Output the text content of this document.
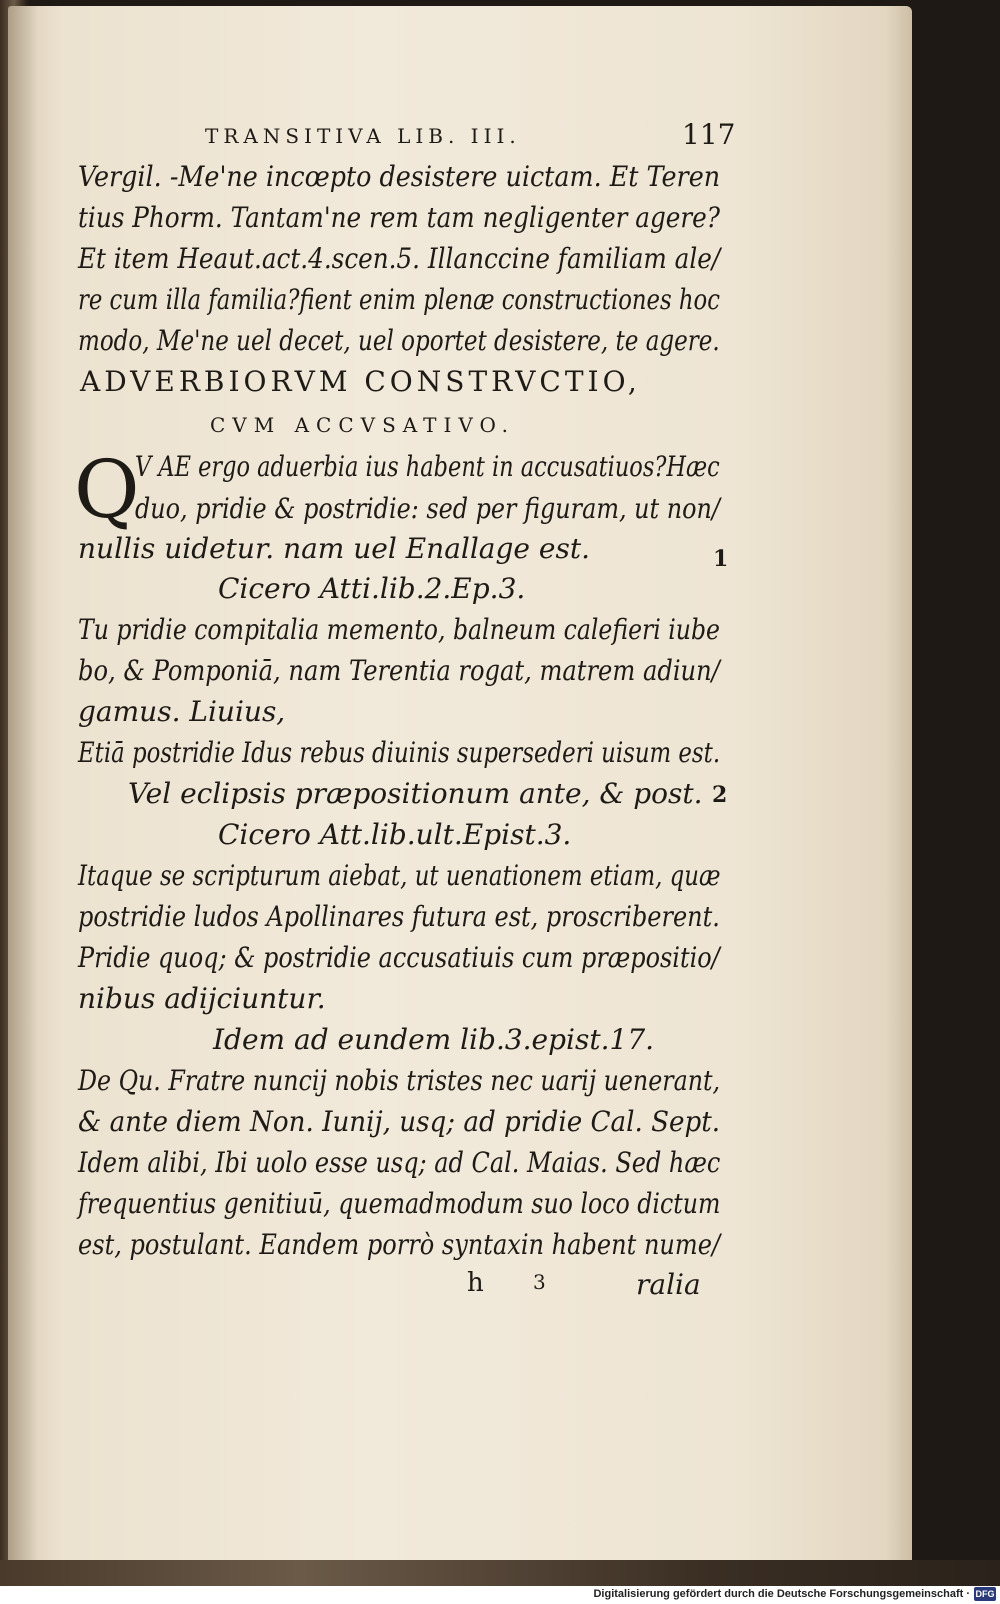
TRANSITIVA LIB. III.	117
Vergil. -Me'ne incœpto desistere uictam. Et Teren
tius Phorm. Tantam'ne rem tam negligenter agere?
Et item Heaut.act.4.scen.5. Illanccine familiam ale/
re cum illa familia?fient enim plenæ constructiones hoc
modo, Me'ne uel decet, uel oportet desistere, te agere.
ADVERBIORVM CONSTRVCTIO,
CVM ACCVSATIVO.
Q
V AE ergo aduerbia ius habent in accusatiuos?Hæc
duo, pridie & postridie: sed per figuram, ut non/
nullis uidetur. nam uel Enallage est.	1
Cicero Atti.lib.2.Ep.3.
Tu pridie compitalia memento, balneum calefieri iube
bo, & Pomponiā, nam Terentia rogat, matrem adiun/
gamus. Liuius,
Etiā postridie Idus rebus diuinis supersederi uisum est.
Vel eclipsis præpositionum ante, & post. 2
Cicero Att.lib.ult.Epist.3.
Itaque se scripturum aiebat, ut uenationem etiam, quæ
postridie ludos Apollinares futura est, proscriberent.
Pridie quoq; & postridie accusatiuis cum præpositio/
nibus adijciuntur.
Idem ad eundem lib.3.epist.17.
De Qu. Fratre nuncij nobis tristes nec uarij uenerant,
& ante diem Non. Iunij, usq; ad pridie Cal. Sept.
Idem alibi, Ibi uolo esse usq; ad Cal. Maias. Sed hæc
frequentius genitiuū, quemadmodum suo loco dictum
est, postulant. Eandem porrò syntaxin habent nume/
h 3	ralia
Digitalisierung gefördert durch die Deutsche Forschungsgemeinschaft · DFG
